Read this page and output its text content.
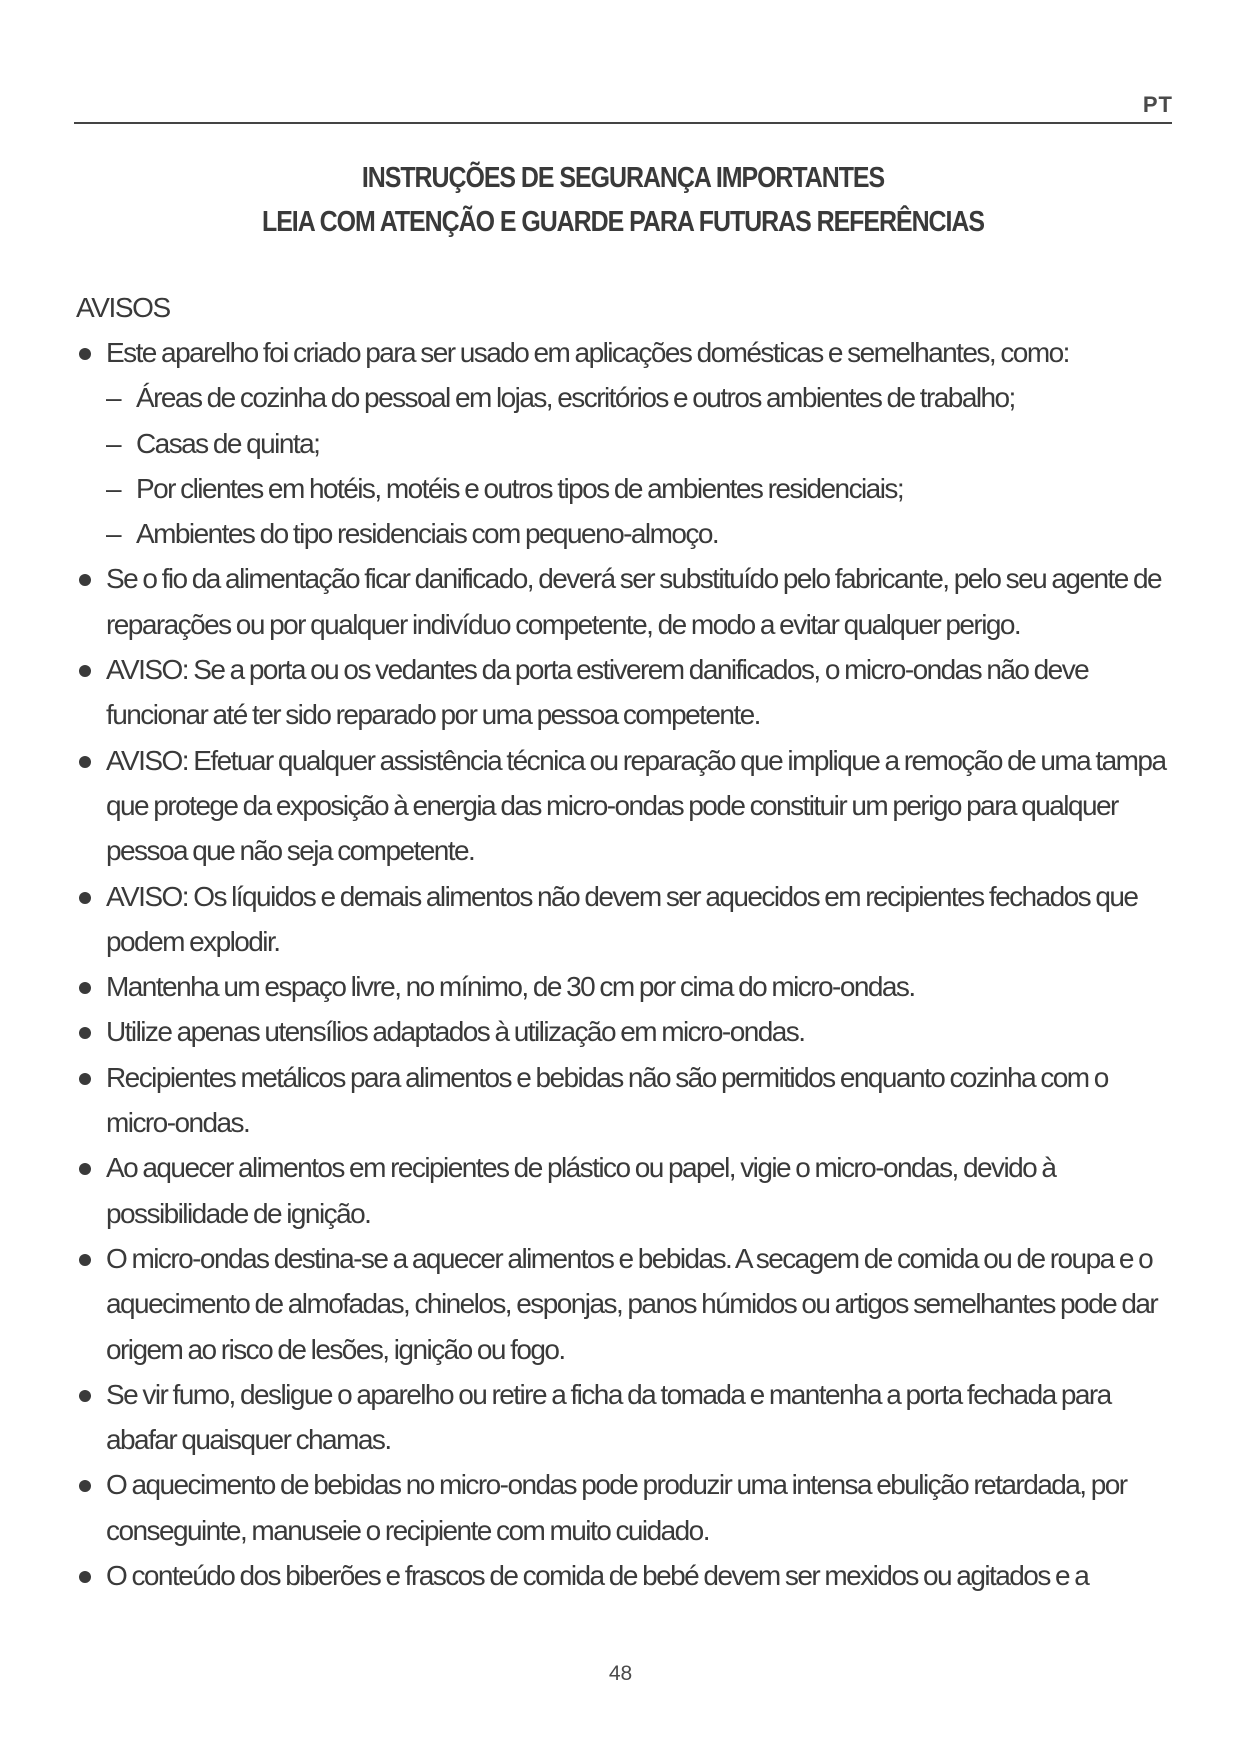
PT
INSTRUÇÕES DE SEGURANÇA IMPORTANTES
LEIA COM ATENÇÃO E GUARDE PARA FUTURAS REFERÊNCIAS
AVISOS
Este aparelho foi criado para ser usado em aplicações domésticas e semelhantes, como:
– Áreas de cozinha do pessoal em lojas, escritórios e outros ambientes de trabalho;
– Casas de quinta;
– Por clientes em hotéis, motéis e outros tipos de ambientes residenciais;
– Ambientes do tipo residenciais com pequeno-almoço.
Se o fio da alimentação ficar danificado, deverá ser substituído pelo fabricante, pelo seu agente de reparações ou por qualquer indivíduo competente, de modo a evitar qualquer perigo.
AVISO: Se a porta ou os vedantes da porta estiverem danificados, o micro-ondas não deve funcionar até ter sido reparado por uma pessoa competente.
AVISO: Efetuar qualquer assistência técnica ou reparação que implique a remoção de uma tampa que protege da exposição à energia das micro-ondas pode constituir um perigo para qualquer pessoa que não seja competente.
AVISO: Os líquidos e demais alimentos não devem ser aquecidos em recipientes fechados que podem explodir.
Mantenha um espaço livre, no mínimo, de 30 cm por cima do micro-ondas.
Utilize apenas utensílios adaptados à utilização em micro-ondas.
Recipientes metálicos para alimentos e bebidas não são permitidos enquanto cozinha com o micro-ondas.
Ao aquecer alimentos em recipientes de plástico ou papel, vigie o micro-ondas, devido à possibilidade de ignição.
O micro-ondas destina-se a aquecer alimentos e bebidas. A secagem de comida ou de roupa e o aquecimento de almofadas, chinelos, esponjas, panos húmidos ou artigos semelhantes pode dar origem ao risco de lesões, ignição ou fogo.
Se vir fumo, desligue o aparelho ou retire a ficha da tomada e mantenha a porta fechada para abafar quaisquer chamas.
O aquecimento de bebidas no micro-ondas pode produzir uma intensa ebulição retardada, por conseguinte, manuseie o recipiente com muito cuidado.
O conteúdo dos biberões e frascos de comida de bebé devem ser mexidos ou agitados e a
48
